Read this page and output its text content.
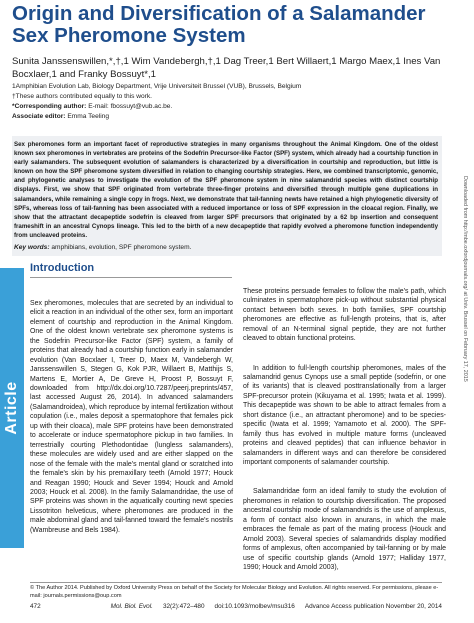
Origin and Diversification of a Salamander Sex Pheromone System
Sunita Janssenswillen,*,†,1 Wim Vandebergh,†,1 Dag Treer,1 Bert Willaert,1 Margo Maex,1 Ines Van Bocxlaer,1 and Franky Bossuyt*,1
1Amphibian Evolution Lab, Biology Department, Vrije Universiteit Brussel (VUB), Brussels, Belgium
†These authors contributed equally to this work.
*Corresponding author: E-mail: fbossuyt@vub.ac.be.
Associate editor: Emma Teeling
Sex pheromones form an important facet of reproductive strategies in many organisms throughout the Animal Kingdom. One of the oldest known sex pheromones in vertebrates are proteins of the Sodefrin Precursor-like Factor (SPF) system, which already had a courtship function in early salamanders. The subsequent evolution of salamanders is characterized by a diversification in courtship and reproduction, but little is known on how the SPF pheromone system diversified in relation to changing courtship strategies. Here, we combined transcriptomic, genomic, and phylogenetic analyses to investigate the evolution of the SPF pheromone system in nine salamandrid species with distinct courtship displays. First, we show that SPF originated from vertebrate three-finger proteins and diversified through multiple gene duplications in salamanders, while remaining a single copy in frogs. Next, we demonstrate that tail-fanning newts have retained a high phylogenetic diversity of SPFs, whereas loss of tail-fanning has been associated with a reduced importance or loss of SPF expression in the cloacal region. Finally, we show that the attractant decapeptide sodefrin is cleaved from larger SPF precursors that originated by a 62 bp insertion and consequent frameshift in an ancestral Cynops lineage. This led to the birth of a new decapeptide that rapidly evolved a pheromone function independently from uncleaved proteins.
Key words: amphibians, evolution, SPF pheromone system.
Article
Introduction

Sex pheromones, molecules that are secreted by an individual to elicit a reaction in an individual of the other sex, form an important element of courtship and reproduction in the Animal Kingdom. One of the oldest known vertebrate sex pheromone systems is the Sodefrin Precursor-like Factor (SPF) system, a family of proteins that already had a courtship function early in salamander evolution (Van Bocxlaer I, Treer D, Maex M, Vandebergh W, Janssenswillen S, Stegen G, Kok PJR, Willaert B, Matthijs S, Martens E, Mortier A, De Greve H, Proost P, Bossuyt F, downloaded from http://dx.doi.org/10.7287/peerj.preprints/457, last accessed August 26, 2014). In advanced salamanders (Salamandroidea), which reproduce by internal fertilization without copulation (i.e., males deposit a spermatophore that females pick up with their cloaca), male SPF proteins have been demonstrated to accelerate or induce spermatophore pickup in two families. In terrestrially courting Plethodontidae (lungless salamanders), these molecules are widely used and are either slapped on the nose of the female with the male's mental gland or scratched into the female's skin by his premaxillary teeth (Arnold 1977; Houck and Reagan 1990; Houck and Sever 1994; Houck and Arnold 2003; Houck et al. 2008). In the family Salamandridae, the use of SPF proteins was shown in the aquatically courting newt species Lissotriton helveticus, where pheromones are produced in the male abdominal gland and tail-fanned toward the female's nostrils (Wambreuse and Bels 1984).

These proteins persuade females to follow the male's path, which culminates in spermatophore pick-up without substantial physical contact between both sexes. In both families, SPF courtship pheromones are effective as full-length proteins, that is, after removal of an N-terminal signal peptide, they are not further cleaved to obtain functional proteins.

In addition to full-length courtship pheromones, males of the salamandrid genus Cynops use a small peptide (sodefrin, or one of its variants) that is cleaved posttranslationally from a larger SPF-precursor protein (Kikuyama et al. 1995; Iwata et al. 1999). This decapeptide was shown to be able to attract females from a short distance (i.e., an attractant pheromone) and to be species-specific (Iwata et al. 1999; Yamamoto et al. 2000). The SPF-family thus has evolved in multiple mature forms (uncleaved proteins and cleaved peptides) that can influence behavior in salamanders in different ways and can therefore be considered important components of salamander courtship.

Salamandridae form an ideal family to study the evolution of pheromones in relation to courtship diversification. The proposed ancestral courtship mode of salamandrids is the use of amplexus, a form of contact also known in anurans, in which the male embraces the female as part of the mating process (Houck and Arnold 2003). Several species of salamandrids display modified forms of amplexus, often accompanied by tail-fanning or by male use of specific courtship glands (Arnold 1977; Halliday 1977, 1990; Houck and Arnold 2003),

Downloaded from http://mbe.oxfordjournals.org/ at Univ. Brussel on February 17, 2015
© The Author 2014. Published by Oxford University Press on behalf of the Society for Molecular Biology and Evolution. All rights reserved. For permissions, please e-mail: journals.permissions@oup.com
472	Mol. Biol. Evol. 32(2):472–480 doi:10.1093/molbev/msu316 Advance Access publication November 20, 2014
